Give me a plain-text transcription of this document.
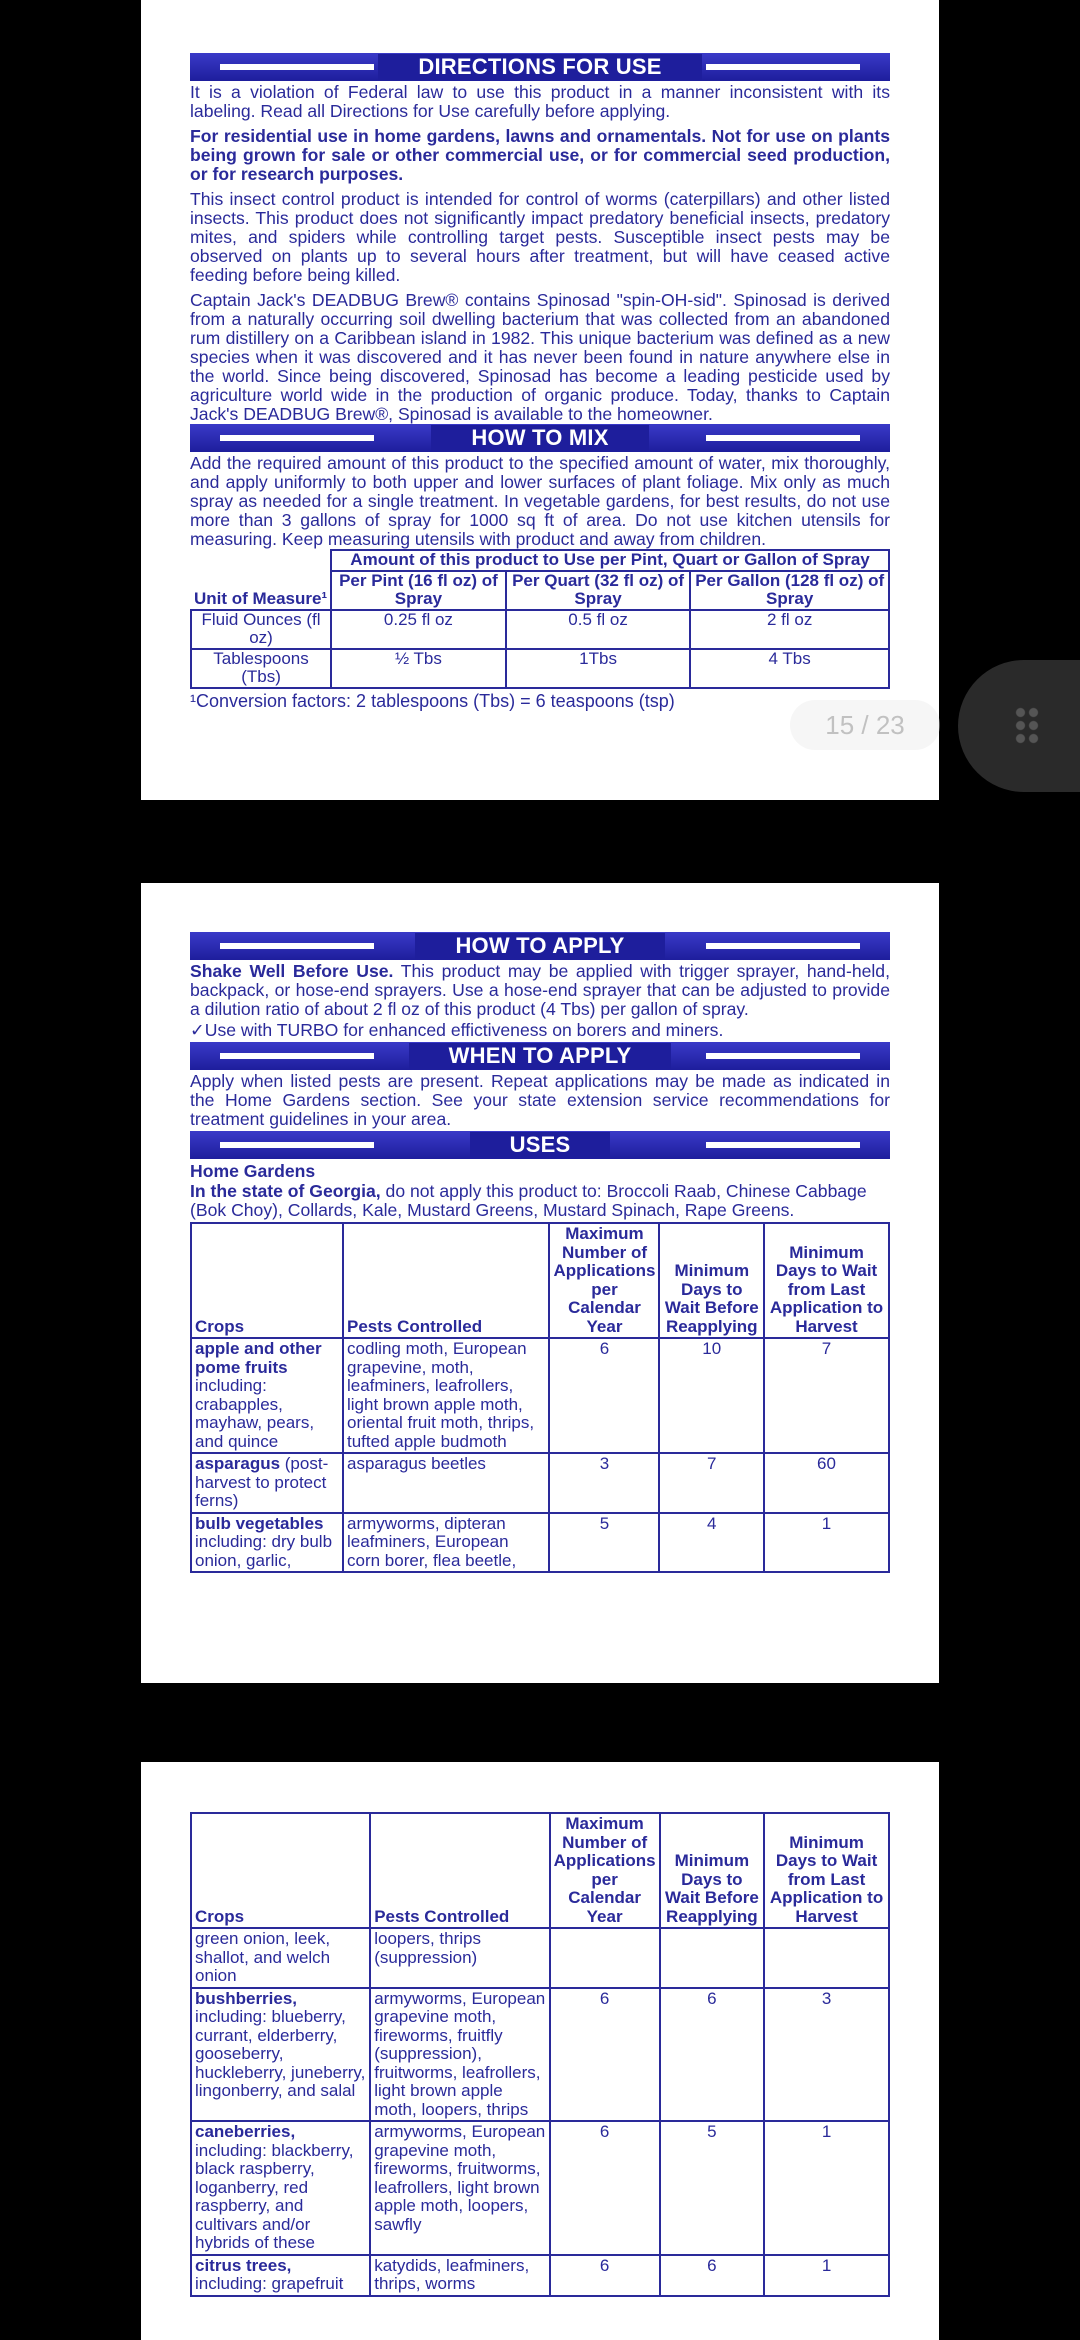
DIRECTIONS FOR USE

It is a violation of Federal law to use this product in a manner inconsistent with its labeling. Read all Directions for Use carefully before applying.

For residential use in home gardens, lawns and ornamentals. Not for use on plants being grown for sale or other commercial use, or for commercial seed production, or for research purposes.

This insect control product is intended for control of worms (caterpillars) and other listed insects. This product does not significantly impact predatory beneficial insects, predatory mites, and spiders while controlling target pests. Susceptible insect pests may be observed on plants up to several hours after treatment, but will have ceased active feeding before being killed.

Captain Jack's DEADBUG Brew® contains Spinosad "spin-OH-sid". Spinosad is derived from a naturally occurring soil dwelling bacterium that was collected from an abandoned rum distillery on a Caribbean island in 1982. This unique bacterium was defined as a new species when it was discovered and it has never been found in nature anywhere else in the world. Since being discovered, Spinosad has become a leading pesticide used by agriculture world wide in the production of organic produce. Today, thanks to Captain Jack's DEADBUG Brew®, Spinosad is available to the homeowner.

HOW TO MIX

Add the required amount of this product to the specified amount of water, mix thoroughly, and apply uniformly to both upper and lower surfaces of plant foliage. Mix only as much spray as needed for a single treatment. In vegetable gardens, for best results, do not use more than 3 gallons of spray for 1000 sq ft of area. Do not use kitchen utensils for measuring. Keep measuring utensils with product and away from children.

Unit of Measure¹	Amount of this product to Use per Pint, Quart or Gallon of Spray		
	Per Pint (16 fl oz) of Spray	Per Quart (32 fl oz) of Spray	Per Gallon (128 fl oz) of Spray
Fluid Ounces (fl oz)	0.25 fl oz	0.5 fl oz	2 fl oz
Tablespoons (Tbs)	½ Tbs	1Tbs	4 Tbs
¹Conversion factors: 2 tablespoons (Tbs) = 6 teaspoons (tsp)
HOW TO APPLY

Shake Well Before Use. This product may be applied with trigger sprayer, hand-held, backpack, or hose-end sprayers. Use a hose-end sprayer that can be adjusted to provide a dilution ratio of about 2 fl oz of this product (4 Tbs) per gallon of spray.

✓Use with TURBO for enhanced effictiveness on borers and miners.

WHEN TO APPLY

Apply when listed pests are present. Repeat applications may be made as indicated in the Home Gardens section. See your state extension service recommendations for treatment guidelines in your area.

USES
Home Gardens

In the state of Georgia, do not apply this product to: Broccoli Raab, Chinese Cabbage (Bok Choy), Collards, Kale, Mustard Greens, Mustard Spinach, Rape Greens.

Crops	Pests Controlled	Maximum Number of Applications per Calendar Year	Minimum Days to Wait Before Reapplying	Minimum Days to Wait from Last Application to Harvest
apple and other pome fruits including: crabapples, mayhaw, pears, and quince	codling moth, European grapevine, moth, leafminers, leafrollers, light brown apple moth, oriental fruit moth, thrips, tufted apple budmoth	6	10	7
asparagus (post-harvest to protect ferns)	asparagus beetles	3	7	60
bulb vegetables including: dry bulb onion, garlic,	armyworms, dipteran leafminers, European corn borer, flea beetle,	5	4	1
Crops	Pests Controlled	Maximum Number of Applications per Calendar Year	Minimum Days to Wait Before Reapplying	Minimum Days to Wait from Last Application to Harvest
green onion, leek, shallot, and welch onion	loopers, thrips (suppression)			
bushberries, including: blueberry, currant, elderberry, gooseberry, huckleberry, juneberry, lingonberry, and salal	armyworms, European grapevine moth, fireworms, fruitfly (suppression), fruitworms, leafrollers, light brown apple moth, loopers, thrips	6	6	3
caneberries, including: blackberry, black raspberry, loganberry, red raspberry, and cultivars and/or hybrids of these	armyworms, European grapevine moth, fireworms, fruitworms, leafrollers, light brown apple moth, loopers, sawfly	6	5	1
citrus trees, including: grapefruit	katydids, leafminers, thrips, worms	6	6	1
15 / 23
